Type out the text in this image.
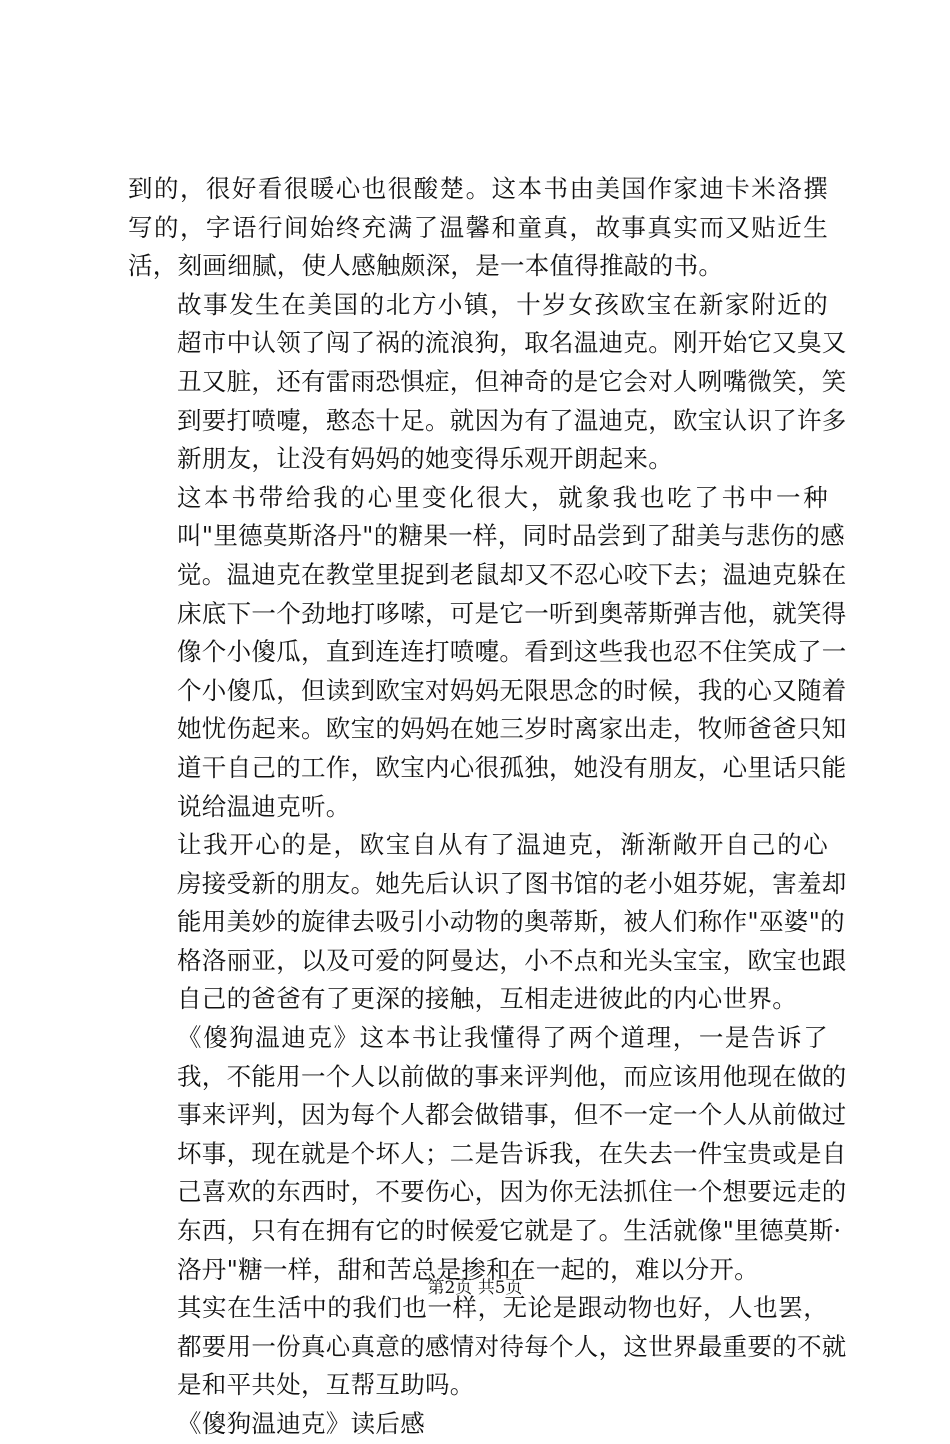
到的，很好看很暖心也很酸楚。这本书由美国作家迪卡米洛撰
写的，字语行间始终充满了温馨和童真，故事真实而又贴近生
活，刻画细腻，使人感触颇深，是一本值得推敲的书。
故事发生在美国的北方小镇，十岁女孩欧宝在新家附近的
超市中认领了闯了祸的流浪狗，取名温迪克。刚开始它又臭又
丑又脏，还有雷雨恐惧症，但神奇的是它会对人咧嘴微笑，笑
到要打喷嚏，憨态十足。就因为有了温迪克，欧宝认识了许多
新朋友，让没有妈妈的她变得乐观开朗起来。
这本书带给我的心里变化很大，就象我也吃了书中一种
叫"里德莫斯洛丹"的糖果一样，同时品尝到了甜美与悲伤的感
觉。温迪克在教堂里捉到老鼠却又不忍心咬下去；温迪克躲在
床底下一个劲地打哆嗦，可是它一听到奥蒂斯弹吉他，就笑得
像个小傻瓜，直到连连打喷嚏。看到这些我也忍不住笑成了一
个小傻瓜，但读到欧宝对妈妈无限思念的时候，我的心又随着
她忧伤起来。欧宝的妈妈在她三岁时离家出走，牧师爸爸只知
道干自己的工作，欧宝内心很孤独，她没有朋友，心里话只能
说给温迪克听。
让我开心的是，欧宝自从有了温迪克，渐渐敞开自己的心
房接受新的朋友。她先后认识了图书馆的老小姐芬妮，害羞却
能用美妙的旋律去吸引小动物的奥蒂斯，被人们称作"巫婆"的
格洛丽亚，以及可爱的阿曼达，小不点和光头宝宝，欧宝也跟
自己的爸爸有了更深的接触，互相走进彼此的内心世界。
《傻狗温迪克》这本书让我懂得了两个道理，一是告诉了
我，不能用一个人以前做的事来评判他，而应该用他现在做的
事来评判，因为每个人都会做错事，但不一定一个人从前做过
坏事，现在就是个坏人；二是告诉我，在失去一件宝贵或是自
己喜欢的东西时，不要伤心，因为你无法抓住一个想要远走的
东西，只有在拥有它的时候爱它就是了。生活就像"里德莫斯·
洛丹"糖一样，甜和苦总是掺和在一起的，难以分开。
其实在生活中的我们也一样，无论是跟动物也好，人也罢，
都要用一份真心真意的感情对待每个人，这世界最重要的不就
是和平共处，互帮互助吗。
《傻狗温迪克》读后感
第2页 共5页
